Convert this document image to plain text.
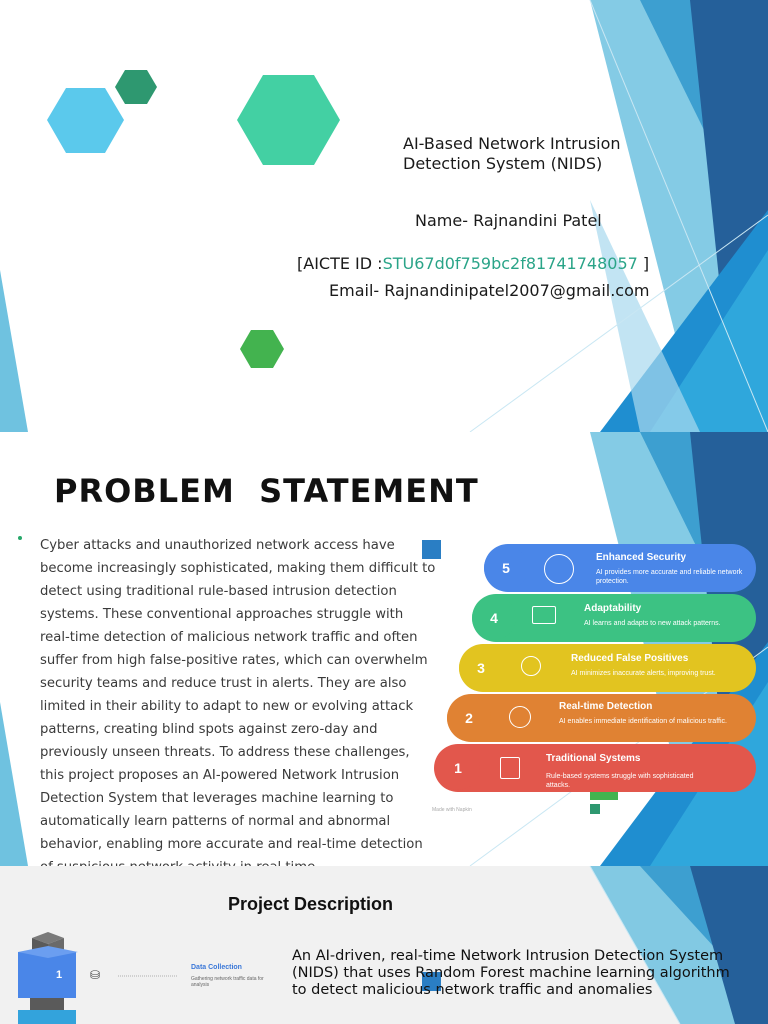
AI-Based Network Intrusion
Detection System (NIDS)
Name- Rajnandini Patel
[AICTE ID :STU67d0f759bc2f81741748057 ]
Email- Rajnandinipatel2007@gmail.com
PROBLEM  STATEMENT
Cyber attacks and unauthorized network access have become increasingly sophisticated, making them difficult to detect using traditional rule-based intrusion detection systems. These conventional approaches struggle with real-time detection of malicious network traffic and often suffer from high false-positive rates, which can overwhelm security teams and reduce trust in alerts. They are also limited in their ability to adapt to new or evolving attack patterns, creating blind spots against zero-day and previously unseen threats. To address these challenges, this project proposes an AI-powered Network Intrusion Detection System that leverages machine learning to automatically learn patterns of normal and abnormal behavior, enabling more accurate and real-time detection
5
Enhanced Security
AI provides more accurate and reliable network protection.
4
Adaptability
AI learns and adapts to new attack patterns.
3
Reduced False Positives
AI minimizes inaccurate alerts, improving trust.
2
Real-time Detection
AI enables immediate identification of malicious traffic.
1
Traditional Systems
Rule-based systems struggle with sophisticated attacks.
Made with Napkin
1 ⛁
Project Description
An AI-driven, real-time Network Intrusion Detection System (NIDS) that uses Random Forest machine learning algorithm to detect malicious network traffic and anomalies
Data Collection
Gathering network traffic data for analysis
